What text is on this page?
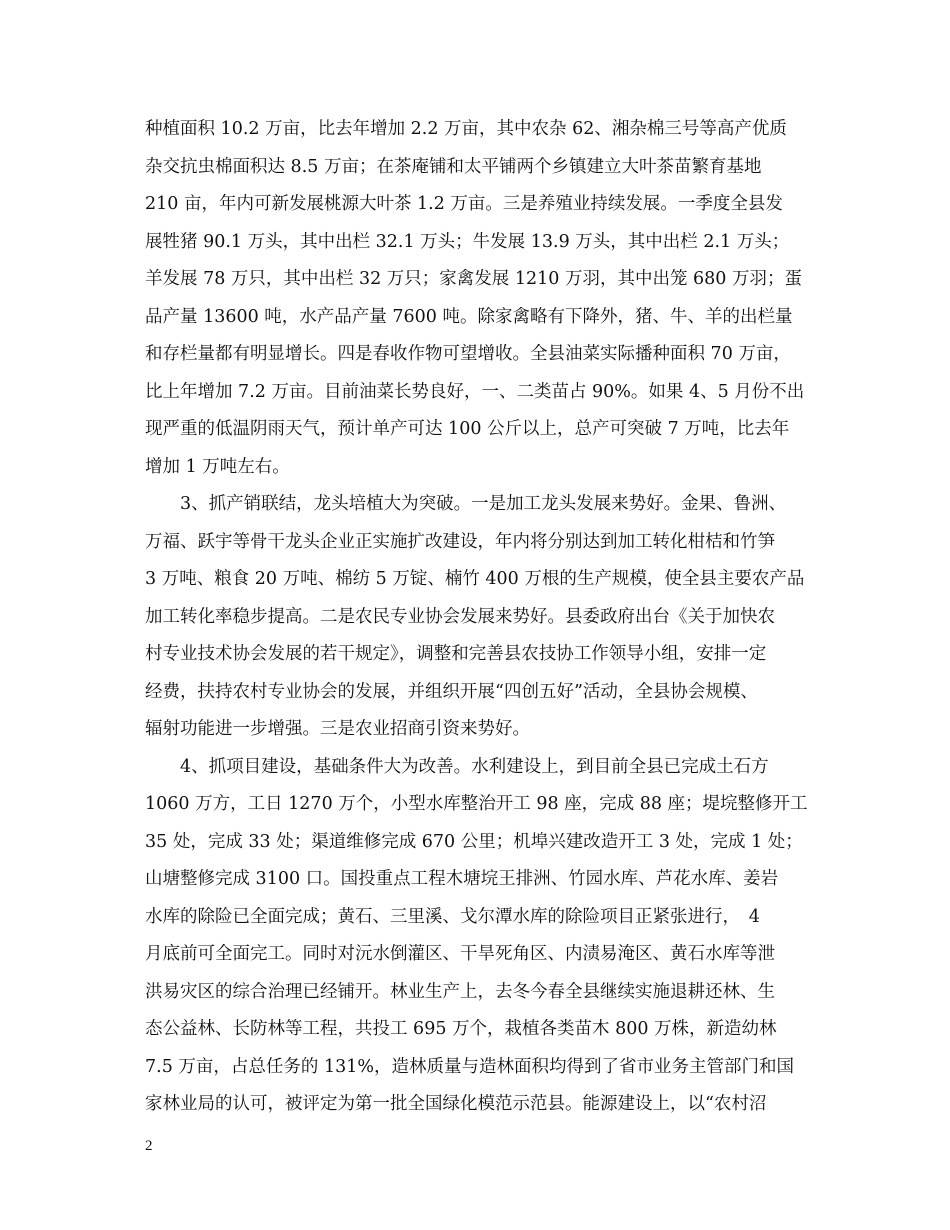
种植面积 10.2 万亩，比去年增加 2.2 万亩，其中农杂 62、湘杂棉三号等高产优质
杂交抗虫棉面积达 8.5 万亩；在茶庵铺和太平铺两个乡镇建立大叶茶苗繁育基地
210 亩，年内可新发展桃源大叶茶 1.2 万亩。三是养殖业持续发展。一季度全县发
展牲猪 90.1 万头，其中出栏 32.1 万头；牛发展 13.9 万头，其中出栏 2.1 万头；
羊发展 78 万只，其中出栏 32 万只；家禽发展 1210 万羽，其中出笼 680 万羽；蛋
品产量 13600 吨，水产品产量 7600 吨。除家禽略有下降外，猪、牛、羊的出栏量
和存栏量都有明显增长。四是春收作物可望增收。全县油菜实际播种面积 70 万亩，
比上年增加 7.2 万亩。目前油菜长势良好，一、二类苗占 90%。如果 4、5 月份不出
现严重的低温阴雨天气，预计单产可达 100 公斤以上，总产可突破 7 万吨，比去年
增加 1 万吨左右。
　　3、抓产销联结，龙头培植大为突破。一是加工龙头发展来势好。金果、鲁洲、
万福、跃宇等骨干龙头企业正实施扩改建设，年内将分别达到加工转化柑桔和竹笋
3 万吨、粮食 20 万吨、棉纺 5 万锭、楠竹 400 万根的生产规模，使全县主要农产品
加工转化率稳步提高。二是农民专业协会发展来势好。县委政府出台《关于加快农
村专业技术协会发展的若干规定》，调整和完善县农技协工作领导小组，安排一定
经费，扶持农村专业协会的发展，并组织开展“四创五好”活动，全县协会规模、
辐射功能进一步增强。三是农业招商引资来势好。
　　4、抓项目建设，基础条件大为改善。水利建设上，到目前全县已完成土石方
1060 万方，工日 1270 万个，小型水库整治开工 98 座，完成 88 座；堤垸整修开工
35 处，完成 33 处；渠道维修完成 670 公里；机埠兴建改造开工 3 处，完成 1 处；
山塘整修完成 3100 口。国投重点工程木塘垸王排洲、竹园水库、芦花水库、姜岩
水库的除险已全面完成；黄石、三里溪、戈尔潭水库的除险项目正紧张进行，　4
月底前可全面完工。同时对沅水倒灌区、干旱死角区、内渍易淹区、黄石水库等泄
洪易灾区的综合治理已经铺开。林业生产上，去冬今春全县继续实施退耕还林、生
态公益林、长防林等工程，共投工 695 万个，栽植各类苗木 800 万株，新造幼林
7.5 万亩，占总任务的 131%，造林质量与造林面积均得到了省市业务主管部门和国
家林业局的认可，被评定为第一批全国绿化模范示范县。能源建设上，以“农村沼
2
